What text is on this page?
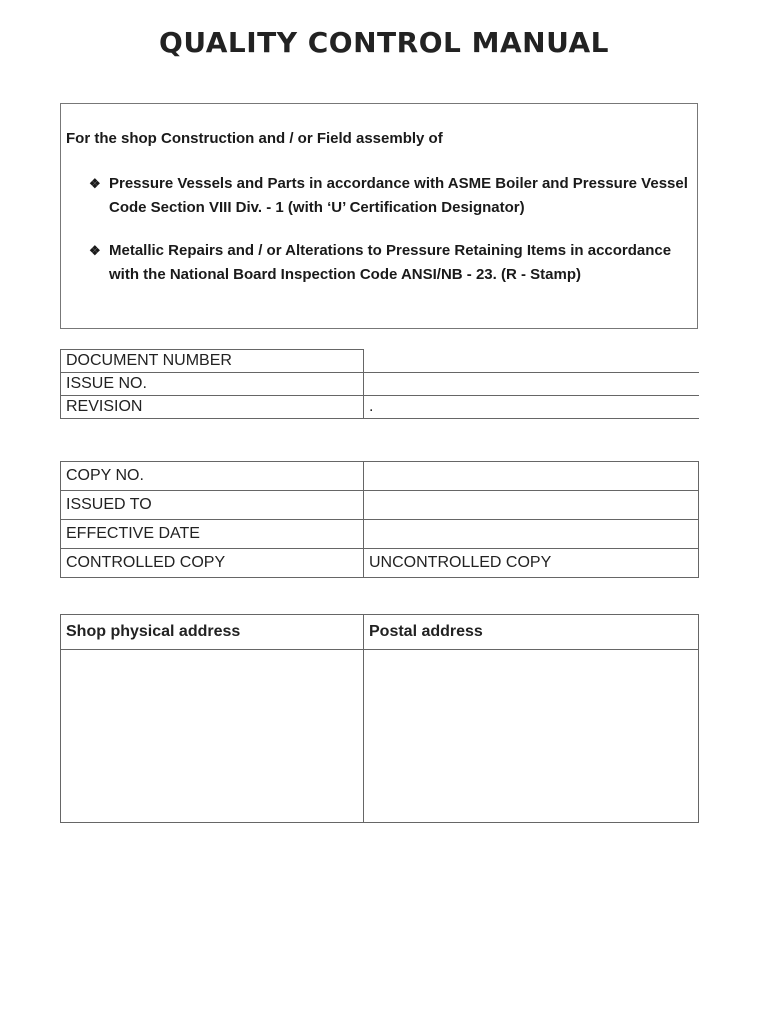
QUALITY CONTROL MANUAL
For the shop Construction and / or Field assembly of
❖ Pressure Vessels and Parts in accordance with ASME Boiler and Pressure Vessel Code Section VIII Div. - 1 (with ‘U’ Certification Designator)
❖ Metallic Repairs and / or Alterations to Pressure Retaining Items in accordance with the National Board Inspection Code ANSI/NB - 23. (R - Stamp)
DOCUMENT NUMBER	
ISSUE NO.	
REVISION	.
COPY NO.	
ISSUED TO	
EFFECTIVE DATE	
CONTROLLED COPY	UNCONTROLLED COPY
Shop physical address	Postal address
